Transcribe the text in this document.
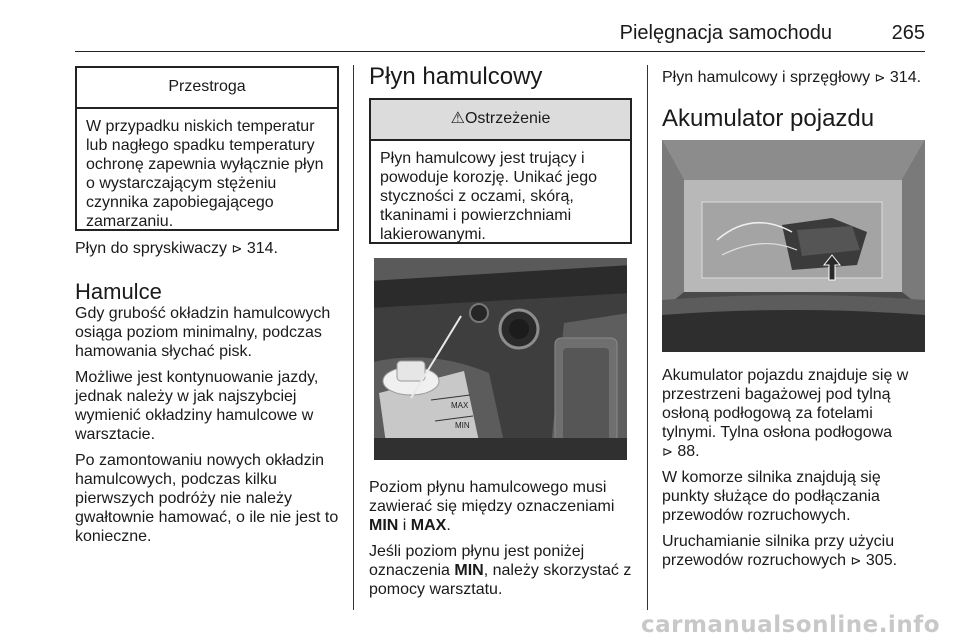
Pielęgnacja samochodu	265
Przestroga
W przypadku niskich temperatur
lub nagłego spadku temperatury
ochronę zapewnia wyłącznie płyn
o wystarczającym stężeniu
czynnika zapobiegającego
zamarzaniu.

Płyn do spryskiwaczy ⊳ 314.

Hamulce

Gdy grubość okładzin hamulcowych
osiąga poziom minimalny, podczas
hamowania słychać pisk.

Możliwe jest kontynuowanie jazdy,
jednak należy w jak najszybciej
wymienić okładziny hamulcowe w
warsztacie.

Po zamontowaniu nowych okładzin
hamulcowych, podczas kilku
pierwszych podróży nie należy
gwałtownie hamować, o ile nie jest to
konieczne.

Płyn hamulcowy
⚠Ostrzeżenie
Płyn hamulcowy jest trujący i
powoduje korozję. Unikać jego
styczności z oczami, skórą,
tkaninami i powierzchniami
lakierowanymi.
MAX
MIN

Poziom płynu hamulcowego musi
zawierać się między oznaczeniami
MIN i MAX.

Jeśli poziom płynu jest poniżej
oznaczenia MIN, należy skorzystać z
pomocy warsztatu.

Płyn hamulcowy i sprzęgłowy ⊳ 314.

Akumulator pojazdu

Akumulator pojazdu znajduje się w
przestrzeni bagażowej pod tylną
osłoną podłogową za fotelami
tylnymi. Tylna osłona podłogowa
⊳ 88.

W komorze silnika znajdują się
punkty służące do podłączania
przewodów rozruchowych.

Uruchamianie silnika przy użyciu
przewodów rozruchowych ⊳ 305.

carmanualsonline.info
